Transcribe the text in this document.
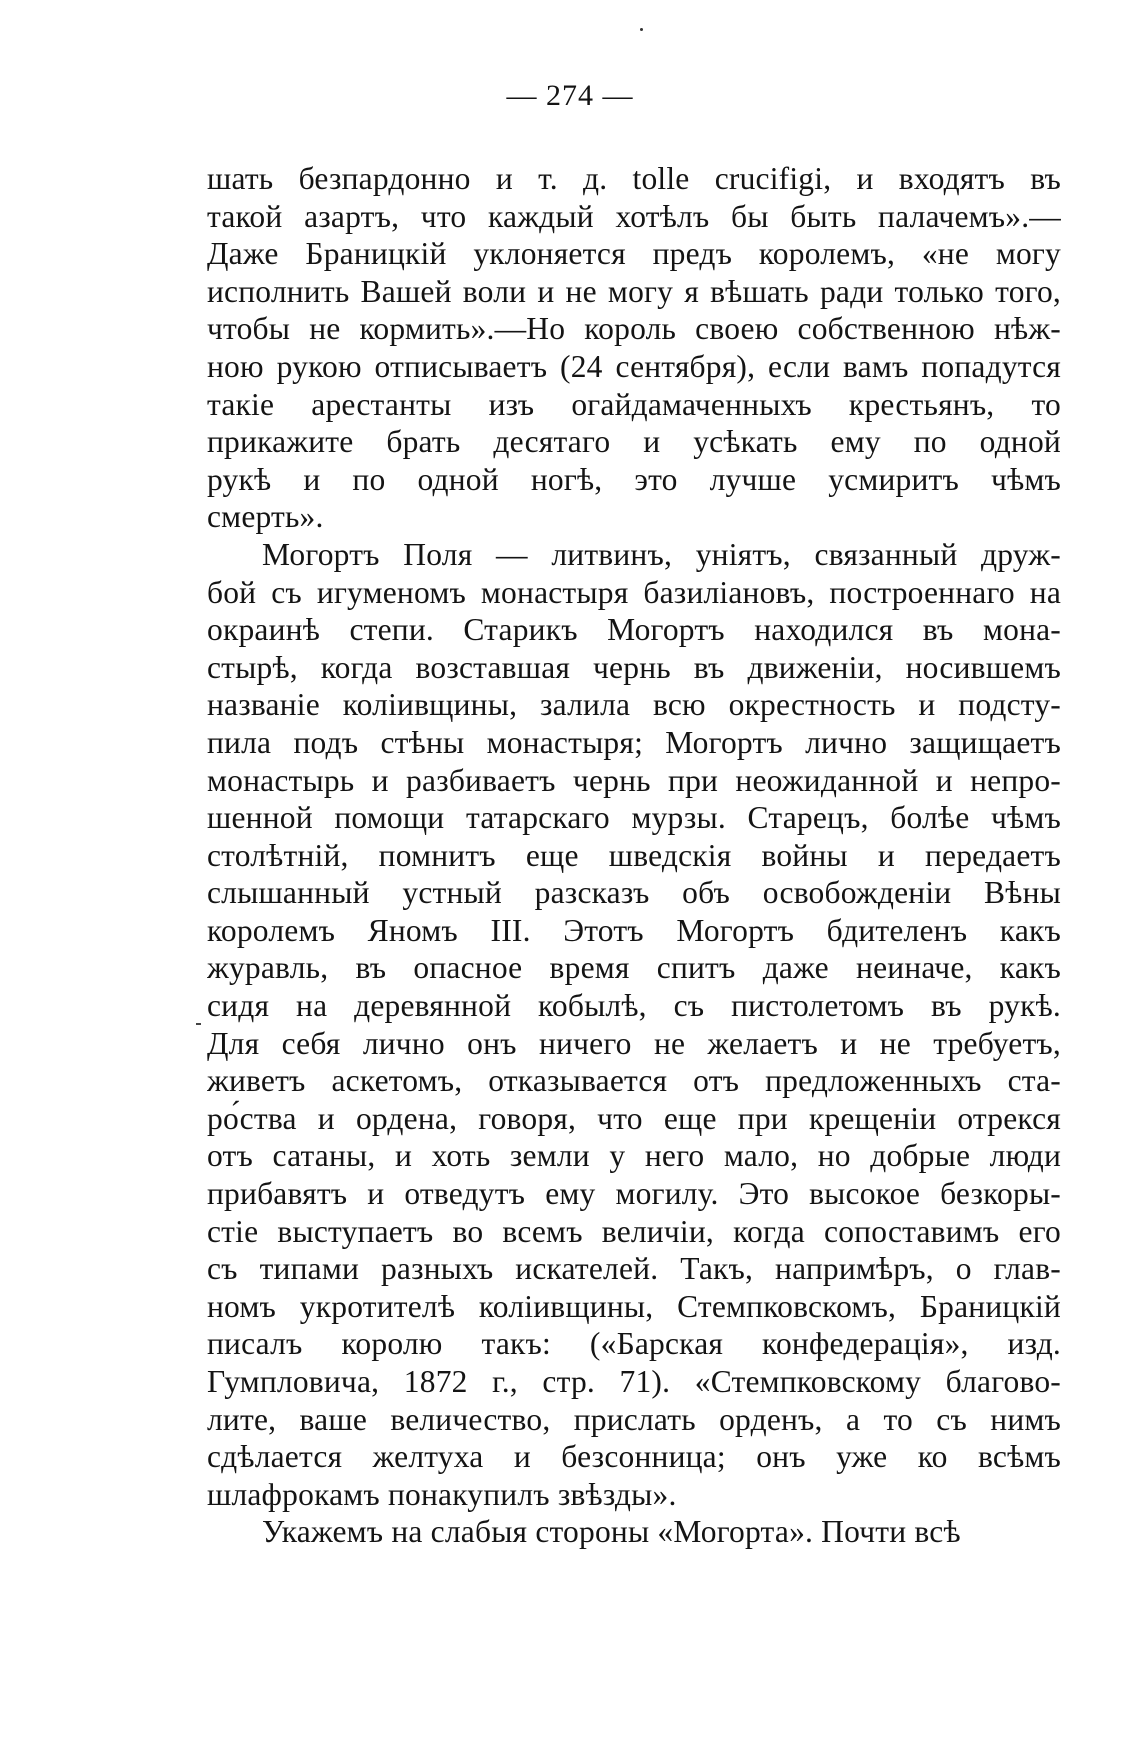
— 274 —
шать безпардонно и т. д. tolle crucifigi, и входятъ въ
такой азартъ, что каждый хотѣлъ бы быть палачемъ».—
Даже Браницкій уклоняется предъ королемъ, «не могу
исполнить Вашей воли и не могу я вѣшать ради только того,
чтобы не кормить».—Но король своею собственною нѣж-
ною рукою отписываетъ (24 сентября), если вамъ попадутся
такіе арестанты изъ огайдамаченныхъ крестьянъ, то
прикажите брать десятаго и усѣкать ему по одной
рукѣ и по одной ногѣ, это лучше усмиритъ чѣмъ
смерть».
Могортъ Поля — литвинъ, уніятъ, связанный друж-
бой съ игуменомъ монастыря базиліановъ, построеннаго на
окраинѣ степи. Старикъ Могортъ находился въ мона-
стырѣ, когда возставшая чернь въ движеніи, носившемъ
названіе колiивщины, залила всю окрестность и подсту-
пила подъ стѣны монастыря; Могортъ лично защищаетъ
монастырь и разбиваетъ чернь при неожиданной и непро-
шенной помощи татарскаго мурзы. Старецъ, болѣе чѣмъ
столѣтній, помнитъ еще шведскія войны и передаетъ
слышанный устный разсказъ объ освобожденіи Вѣны
королемъ Яномъ III. Этотъ Могортъ бдителенъ какъ
журавль, въ опасное время спитъ даже неиначе, какъ
сидя на деревянной кобылѣ, съ пистолетомъ въ рукѣ.
Для себя лично онъ ничего не желаетъ и не требуетъ,
живетъ аскетомъ, отказывается отъ предложенныхъ ста-
ро́ства и ордена, говоря, что еще при крещеніи отрекся
отъ сатаны, и хоть земли у него мало, но добрые люди
прибавятъ и отведутъ ему могилу. Это высокое безкоры-
стіе выступаетъ во всемъ величіи, когда сопоставимъ его
съ типами разныхъ искателей. Такъ, напримѣръ, о глав-
номъ укротителѣ коліивщины, Стемпковскомъ, Браницкій
писалъ королю такъ: («Барская конфедерація», изд.
Гумпловича, 1872 г., стр. 71). «Стемпковскому благово-
лите, ваше величество, прислать орденъ, а то съ нимъ
сдѣлается желтуха и безсонница; онъ уже ко всѣмъ
шлафрокамъ понакупилъ звѣзды».
Укажемъ на слабыя стороны «Могорта». Почти всѣ
